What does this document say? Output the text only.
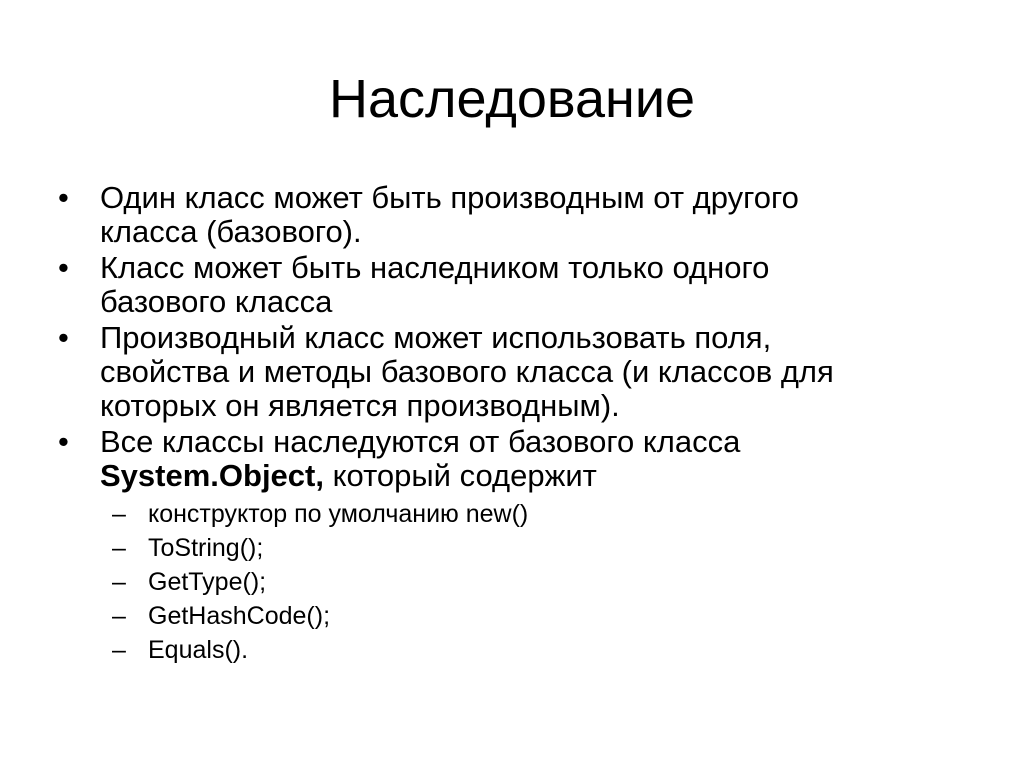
Наследование
•	Один класс может быть производным от другого
класса (базового).
•	Класс может быть наследником только одного
базового класса
•	Производный класс может использовать поля,
свойства и методы базового класса (и классов для
которых он является производным).
•	Все классы наследуются от базового класса
System.Object, который содержит
– конструктор по умолчанию new()
– ToString();
– GetType();
– GetHashCode();
– Equals().
